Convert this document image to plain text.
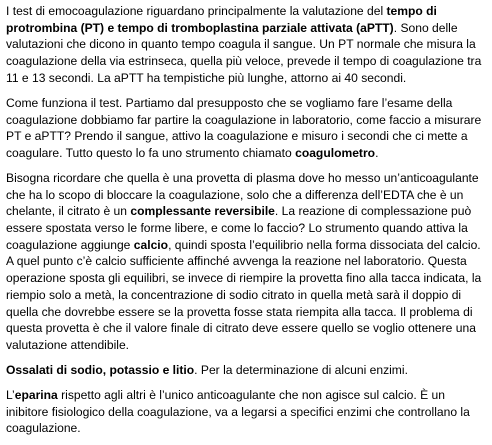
I test di emocoagulazione riguardano principalmente la valutazione del tempo di protrombina (PT) e tempo di tromboplastina parziale attivata (aPTT). Sono delle valutazioni che dicono in quanto tempo coagula il sangue. Un PT normale che misura la coagulazione della via estrinseca, quella più veloce, prevede il tempo di coagulazione tra 11 e 13 secondi. La aPTT ha tempistiche più lunghe, attorno ai 40 secondi.

Come funziona il test. Partiamo dal presupposto che se vogliamo fare l’esame della coagulazione dobbiamo far partire la coagulazione in laboratorio, come faccio a misurare PT e aPTT? Prendo il sangue, attivo la coagulazione e misuro i secondi che ci mette a coagulare. Tutto questo lo fa uno strumento chiamato coagulometro.

Bisogna ricordare che quella è una provetta di plasma dove ho messo un’anticoagulante che ha lo scopo di bloccare la coagulazione, solo che a differenza dell’EDTA che è un chelante, il citrato è un complessante reversibile. La reazione di complessazione può essere spostata verso le forme libere, e come lo faccio? Lo strumento quando attiva la coagulazione aggiunge calcio, quindi sposta l’equilibrio nella forma dissociata del calcio. A quel punto c’è calcio sufficiente affinché avvenga la reazione nel laboratorio. Questa operazione sposta gli equilibri, se invece di riempire la provetta fino alla tacca indicata, la riempio solo a metà, la concentrazione di sodio citrato in quella metà sarà il doppio di quella che dovrebbe essere se la provetta fosse stata riempita alla tacca. Il problema di questa provetta è che il valore finale di citrato deve essere quello se voglio ottenere una valutazione attendibile.

Ossalati di sodio, potassio e litio. Per la determinazione di alcuni enzimi.

L’eparina rispetto agli altri è l’unico anticoagulante che non agisce sul calcio. È un inibitore fisiologico della coagulazione, va a legarsi a specifici enzimi che controllano la coagulazione.
